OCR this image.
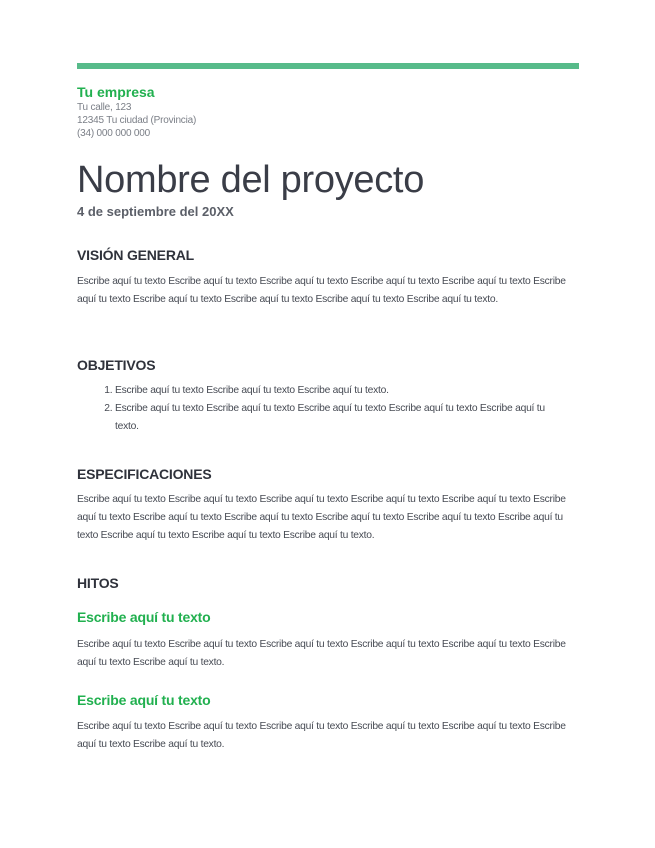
Tu empresa

Tu calle, 123

12345 Tu ciudad (Provincia)

(34) 000 000 000

Nombre del proyecto

4 de septiembre del 20XX

VISIÓN GENERAL

Escribe aquí tu texto Escribe aquí tu texto Escribe aquí tu texto Escribe aquí tu texto Escribe aquí tu texto Escribe aquí tu texto Escribe aquí tu texto Escribe aquí tu texto Escribe aquí tu texto Escribe aquí tu texto.

OBJETIVOS
1. Escribe aquí tu texto Escribe aquí tu texto Escribe aquí tu texto.
2. Escribe aquí tu texto Escribe aquí tu texto Escribe aquí tu texto Escribe aquí tu texto Escribe aquí tu texto.
ESPECIFICACIONES

Escribe aquí tu texto Escribe aquí tu texto Escribe aquí tu texto Escribe aquí tu texto Escribe aquí tu texto Escribe aquí tu texto Escribe aquí tu texto Escribe aquí tu texto Escribe aquí tu texto Escribe aquí tu texto Escribe aquí tu texto Escribe aquí tu texto Escribe aquí tu texto Escribe aquí tu texto.

HITOS
Escribe aquí tu texto

Escribe aquí tu texto Escribe aquí tu texto Escribe aquí tu texto Escribe aquí tu texto Escribe aquí tu texto Escribe aquí tu texto Escribe aquí tu texto.

Escribe aquí tu texto

Escribe aquí tu texto Escribe aquí tu texto Escribe aquí tu texto Escribe aquí tu texto Escribe aquí tu texto Escribe aquí tu texto Escribe aquí tu texto.
